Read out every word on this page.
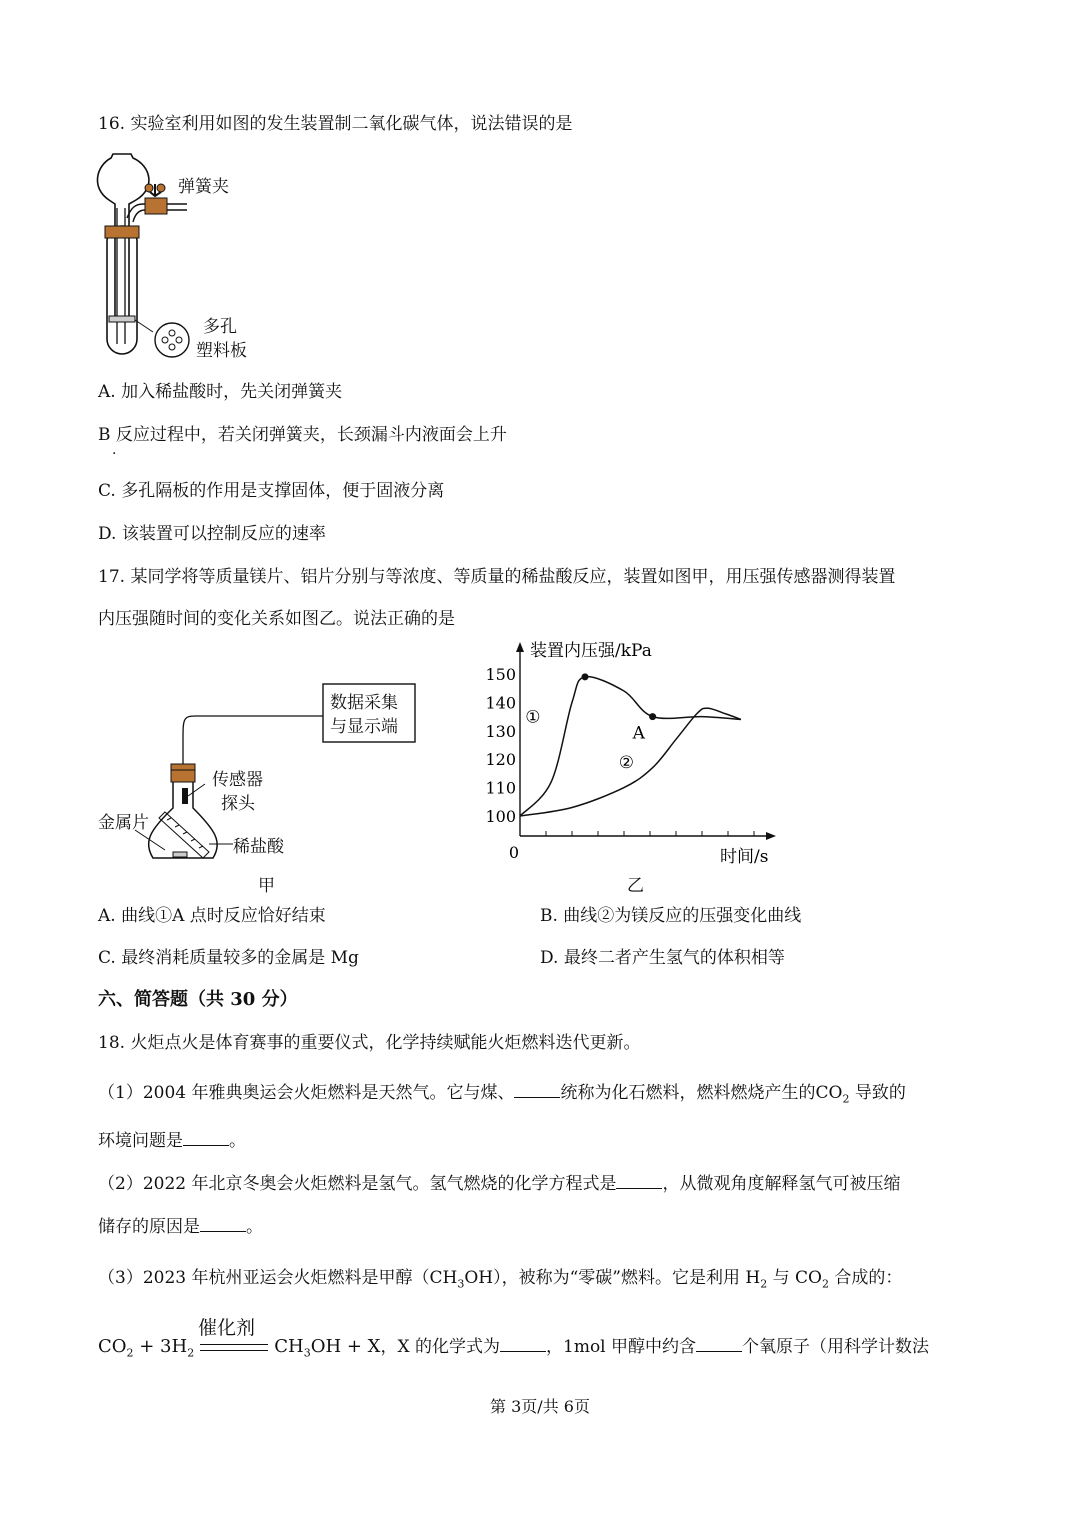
16. 实验室利用如图的发生装置制二氧化碳气体，说法错误的是
弹簧夹
多孔
塑料板
A. 加入稀盐酸时，先关闭弹簧夹
B 反应过程中，若关闭弹簧夹，长颈漏斗内液面会上升
·
C. 多孔隔板的作用是支撑固体，便于固液分离
D. 该装置可以控制反应的速率
17. 某同学将等质量镁片、铝片分别与等浓度、等质量的稀盐酸反应，装置如图甲，用压强传感器测得装置
内压强随时间的变化关系如图乙。说法正确的是
数据采集
与显示端
传感器
探头
金属片
稀盐酸
甲
150
140
130
120
110
100
0
装置内压强/kPa
时间/s
A
①
②
乙
A. 曲线①A 点时反应恰好结束	B. 曲线②为镁反应的压强变化曲线
C. 最终消耗质量较多的金属是 Mg	D. 最终二者产生氢气的体积相等
六、简答题（共 30 分）
18. 火炬点火是体育赛事的重要仪式，化学持续赋能火炬燃料迭代更新。
（1）2004 年雅典奥运会火炬燃料是天然气。它与煤、	统称为化石燃料，燃料燃烧产生的$CO_2$ 导致的
环境问题是	。
（2）2022 年北京冬奥会火炬燃料是氢气。氢气燃烧的化学方程式是	，从微观角度解释氢气可被压缩
储存的原因是	。
（3）2023 年杭州亚运会火炬燃料是甲醇$(CH_3OH)$，被称为“零碳”燃料。它是利用 $H_2$ 与 $CO_2$ 合成的：
催化剂
$CO_2 + 3H_2$	$CH_3OH + X$，X 的化学式为	，1mol 甲醇中约含	个氧原子（用科学计数法
第 3页/共 6页
